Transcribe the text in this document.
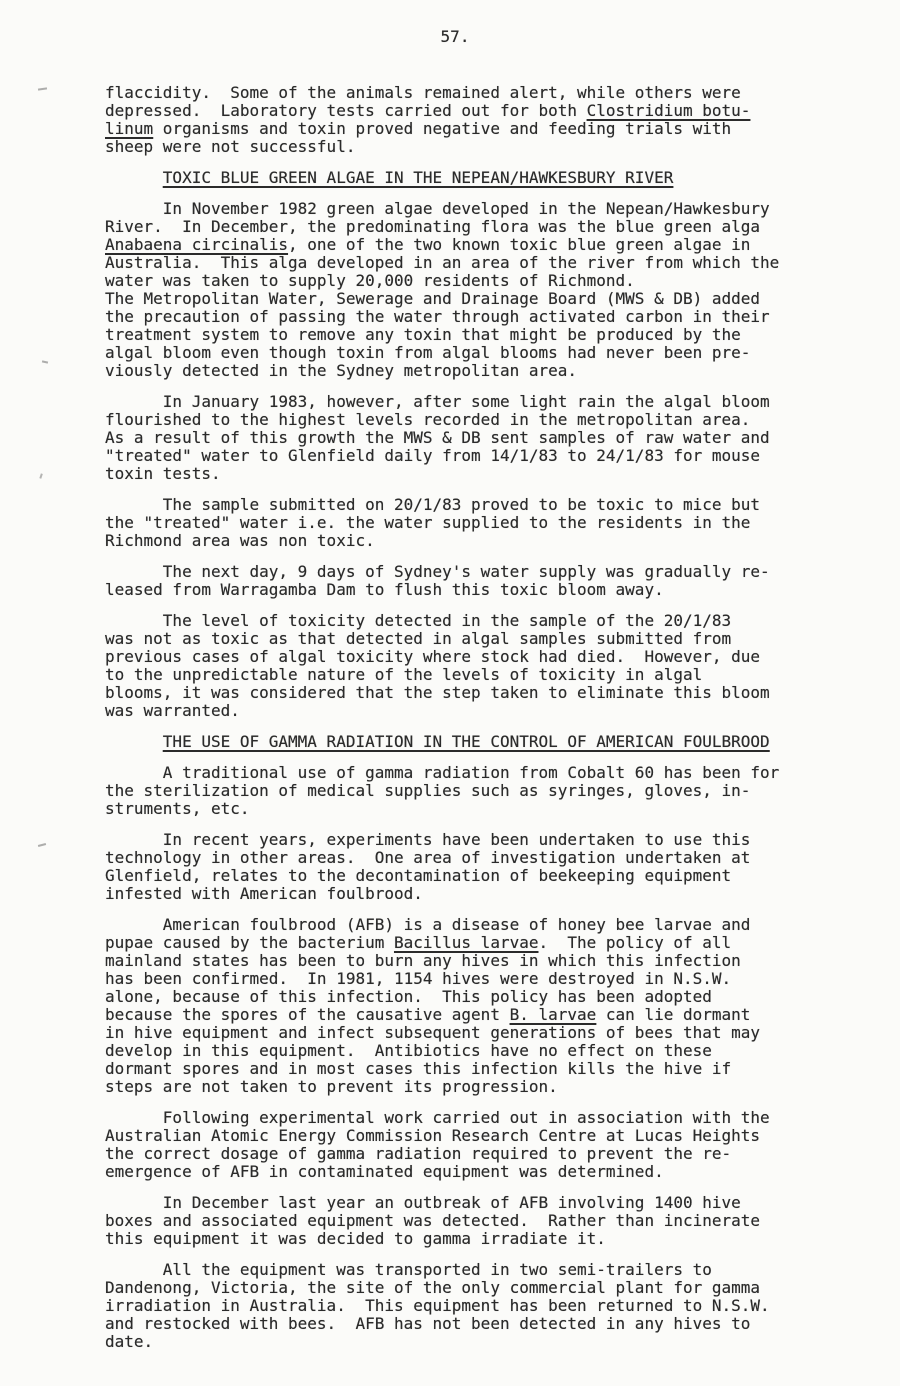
57.
flaccidity.  Some of the animals remained alert, while others were
depressed.  Laboratory tests carried out for both Clostridium botu-
linum organisms and toxin proved negative and feeding trials with
sheep were not successful.
TOXIC BLUE GREEN ALGAE IN THE NEPEAN/HAWKESBURY RIVER
In November 1982 green algae developed in the Nepean/Hawkesbury
River.  In December, the predominating flora was the blue green alga
Anabaena circinalis, one of the two known toxic blue green algae in
Australia.  This alga developed in an area of the river from which the
water was taken to supply 20,000 residents of Richmond.
The Metropolitan Water, Sewerage and Drainage Board (MWS & DB) added
the precaution of passing the water through activated carbon in their
treatment system to remove any toxin that might be produced by the
algal bloom even though toxin from algal blooms had never been pre-
viously detected in the Sydney metropolitan area.
In January 1983, however, after some light rain the algal bloom
flourished to the highest levels recorded in the metropolitan area.
As a result of this growth the MWS & DB sent samples of raw water and
"treated" water to Glenfield daily from 14/1/83 to 24/1/83 for mouse
toxin tests.
The sample submitted on 20/1/83 proved to be toxic to mice but
the "treated" water i.e. the water supplied to the residents in the
Richmond area was non toxic.
The next day, 9 days of Sydney's water supply was gradually re-
leased from Warragamba Dam to flush this toxic bloom away.
The level of toxicity detected in the sample of the 20/1/83
was not as toxic as that detected in algal samples submitted from
previous cases of algal toxicity where stock had died.  However, due
to the unpredictable nature of the levels of toxicity in algal
blooms, it was considered that the step taken to eliminate this bloom
was warranted.
THE USE OF GAMMA RADIATION IN THE CONTROL OF AMERICAN FOULBROOD
A traditional use of gamma radiation from Cobalt 60 has been for
the sterilization of medical supplies such as syringes, gloves, in-
struments, etc.
In recent years, experiments have been undertaken to use this
technology in other areas.  One area of investigation undertaken at
Glenfield, relates to the decontamination of beekeeping equipment
infested with American foulbrood.
American foulbrood (AFB) is a disease of honey bee larvae and
pupae caused by the bacterium Bacillus larvae.  The policy of all
mainland states has been to burn any hives in which this infection
has been confirmed.  In 1981, 1154 hives were destroyed in N.S.W.
alone, because of this infection.  This policy has been adopted
because the spores of the causative agent B. larvae can lie dormant
in hive equipment and infect subsequent generations of bees that may
develop in this equipment.  Antibiotics have no effect on these
dormant spores and in most cases this infection kills the hive if
steps are not taken to prevent its progression.
Following experimental work carried out in association with the
Australian Atomic Energy Commission Research Centre at Lucas Heights
the correct dosage of gamma radiation required to prevent the re-
emergence of AFB in contaminated equipment was determined.
In December last year an outbreak of AFB involving 1400 hive
boxes and associated equipment was detected.  Rather than incinerate
this equipment it was decided to gamma irradiate it.
All the equipment was transported in two semi-trailers to
Dandenong, Victoria, the site of the only commercial plant for gamma
irradiation in Australia.  This equipment has been returned to N.S.W.
and restocked with bees.  AFB has not been detected in any hives to
date.
